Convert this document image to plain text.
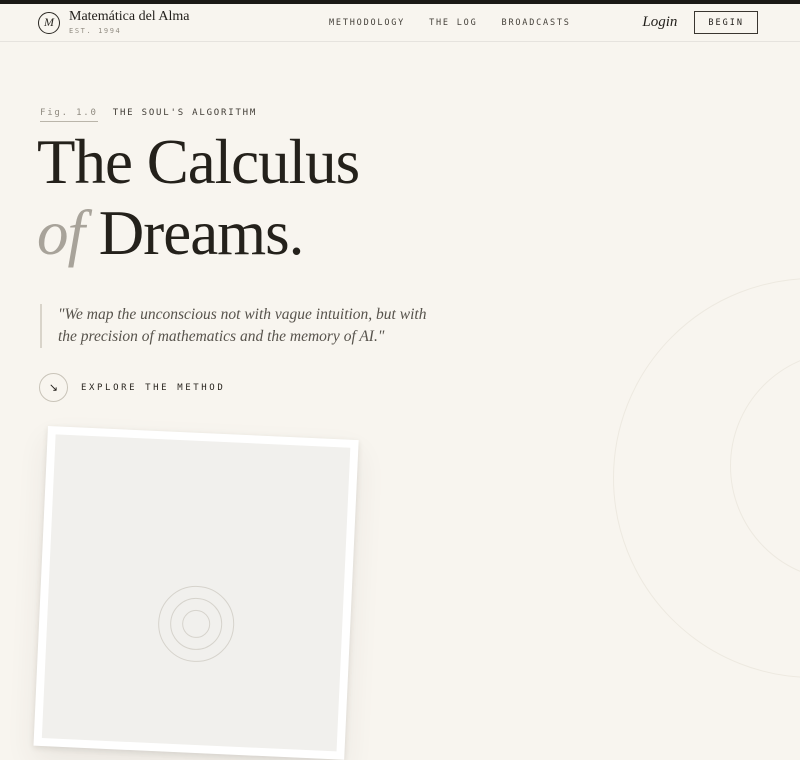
M Matemática del Alma
EST. 1994
METHODOLOGY	THE LOG	BROADCASTS	Login	BEGIN
Fig. 1.0 THE SOUL'S ALGORITHM
The Calculus
of Dreams.
"We map the unconscious not with vague intuition, but with the precision of mathematics and the memory of AI."
↘	EXPLORE THE METHOD
